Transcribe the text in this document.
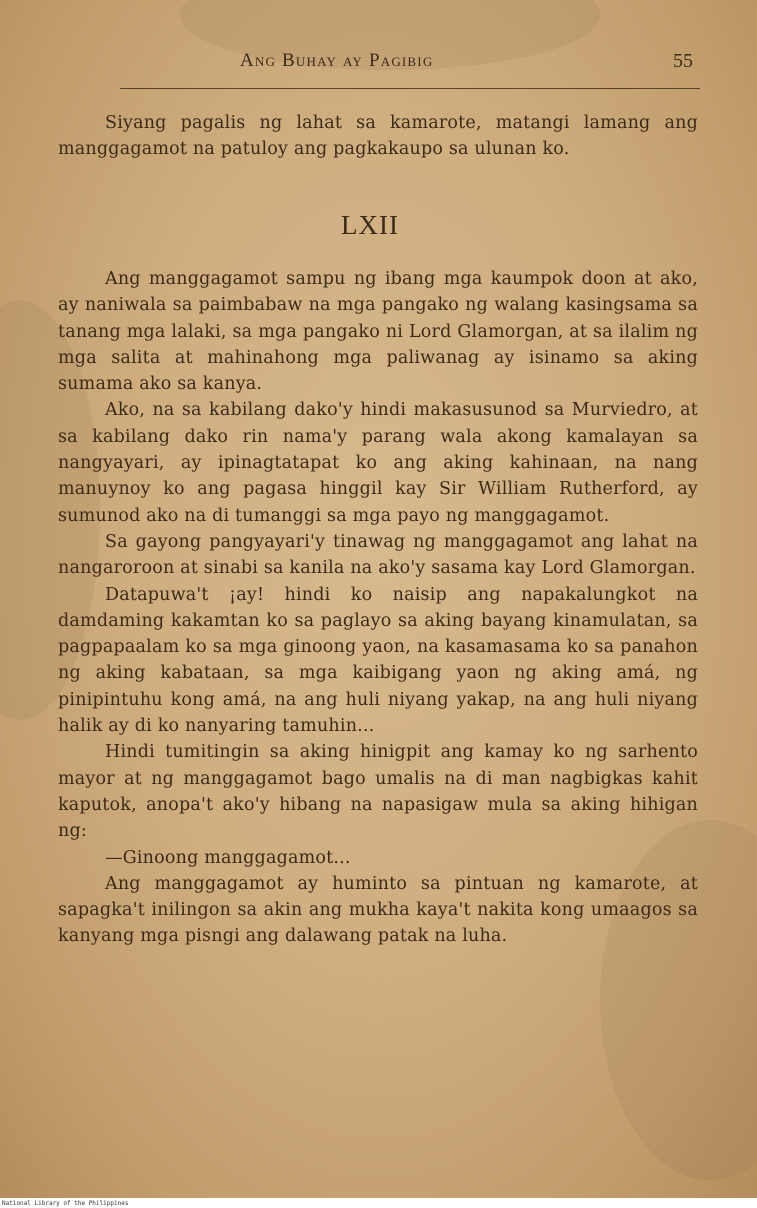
Ang Buhay ay Pagibig	55
Siyang pagalis ng lahat sa kamarote, matangi lamang ang manggagamot na patuloy ang pagkakaupo sa ulunan ko.
LXII

Ang manggagamot sampu ng ibang mga kaumpok doon at ako, ay naniwala sa paimbabaw na mga pangako ng walang kasingsama sa tanang mga lalaki, sa mga pangako ni Lord Glamorgan, at sa ilalim ng mga salita at mahinahong mga paliwanag ay isinamo sa aking sumama ako sa kanya.

Ako, na sa kabilang dako'y hindi makasusunod sa Murviedro, at sa kabilang dako rin nama'y parang wala akong kamalayan sa nangyayari, ay ipinagtatapat ko ang aking kahinaan, na nang manuynoy ko ang pagasa hinggil kay Sir William Rutherford, ay sumunod ako na di tumanggi sa mga payo ng manggagamot.

Sa gayong pangyayari'y tinawag ng manggagamot ang lahat na nangaroroon at sinabi sa kanila na ako'y sasama kay Lord Glamorgan.

Datapuwa't ¡ay! hindi ko naisip ang napakalungkot na damdaming kakamtan ko sa paglayo sa aking bayang kinamulatan, sa pagpapaalam ko sa mga ginoong yaon, na kasamasama ko sa panahon ng aking kabataan, sa mga kaibigang yaon ng aking amá, ng pinipintuhu kong amá, na ang huli niyang yakap, na ang huli niyang halik ay di ko nanyaring tamuhin...

Hindi tumitingin sa aking hinigpit ang kamay ko ng sarhento mayor at ng manggagamot bago umalis na di man nagbigkas kahit kaputok, anopa't ako'y hibang na napasigaw mula sa aking hihigan ng:

—Ginoong manggagamot...

Ang manggagamot ay huminto sa pintuan ng kamarote, at sapagka't inilingon sa akin ang mukha kaya't nakita kong umaagos sa kanyang mga pisngi ang dalawang patak na luha.

National Library of the Philippines
